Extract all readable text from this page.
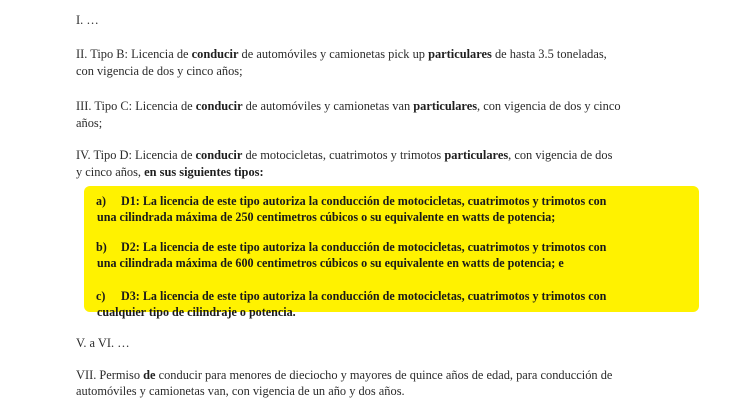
I. …
II. Tipo B: Licencia de conducir de automóviles y camionetas pick up particulares de hasta 3.5 toneladas,
con vigencia de dos y cinco años;
III. Tipo C: Licencia de conducir de automóviles y camionetas van particulares, con vigencia de dos y cinco
años;
IV. Tipo D: Licencia de conducir de motocicletas, cuatrimotos y trimotos particulares, con vigencia de dos
y cinco años, en sus siguientes tipos:
a) D1: La licencia de este tipo autoriza la conducción de motocicletas, cuatrimotos y trimotos con
una cilindrada máxima de 250 centimetros cúbicos o su equivalente en watts de potencia;
b) D2: La licencia de este tipo autoriza la conducción de motocicletas, cuatrimotos y trimotos con
una cilindrada máxima de 600 centimetros cúbicos o su equivalente en watts de potencia; e
c) D3: La licencia de este tipo autoriza la conducción de motocicletas, cuatrimotos y trimotos con
cualquier tipo de cilindraje o potencia.
V. a VI. …
VII. Permiso de conducir para menores de dieciocho y mayores de quince años de edad, para conducción de
automóviles y camionetas van, con vigencia de un año y dos años.
